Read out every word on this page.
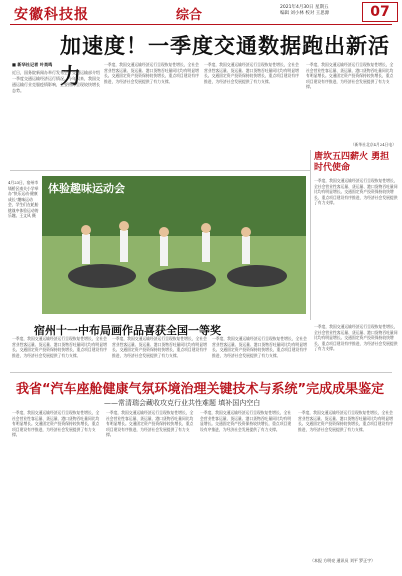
安徽科技报	综合
2021年4月30日 星期五
编辑 刘小林 校对 王思源	07
加速度！一季度交通数据跑出新活力
■ 新华社记者 叶昊鸣
近日，国务院新闻办举行发布会，交通运输部介绍一季度交通运输经济运行情况。今年以来，我国交通运输行业克服疫情影响，主要指标呈现较快增长态势。
一季度，我国交通运输经济运行呈现恢复性增长，全社会营业性客运量、货运量、港口货物吞吐量同比均有明显增长。交通固定资产投资保持较快增长，重点项目建设有序推进，为经济社会发展提供了有力支撑。
一季度，我国交通运输经济运行呈现恢复性增长，全社会营业性客运量、货运量、港口货物吞吐量同比均有明显增长。交通固定资产投资保持较快增长，重点项目建设有序推进，为经济社会发展提供了有力支撑。
一季度，我国交通运输经济运行呈现恢复性增长，全社会营业性客运量、货运量、港口货物吞吐量同比均有明显增长。交通固定资产投资保持较快增长，重点项目建设有序推进，为经济社会发展提供了有力支撑。
（新华社北京4月24日电）
4月23日，宿州市埇桥区南关小学举办“快乐运动·健康成长”趣味运动会，学生们在轮胎挑战中体验运动的乐趣。王文风 摄
体验趣味运动会
唐坎五四薪火 勇担时代使命
一季度，我国交通运输经济运行呈现恢复性增长，全社会营业性客运量、货运量、港口货物吞吐量同比均有明显增长。交通固定资产投资保持较快增长，重点项目建设有序推进，为经济社会发展提供了有力支撑。
宿州十一中布局画作品喜获全国一等奖
一季度，我国交通运输经济运行呈现恢复性增长，全社会营业性客运量、货运量、港口货物吞吐量同比均有明显增长。交通固定资产投资保持较快增长，重点项目建设有序推进，为经济社会发展提供了有力支撑。
一季度，我国交通运输经济运行呈现恢复性增长，全社会营业性客运量、货运量、港口货物吞吐量同比均有明显增长。交通固定资产投资保持较快增长，重点项目建设有序推进，为经济社会发展提供了有力支撑。
一季度，我国交通运输经济运行呈现恢复性增长，全社会营业性客运量、货运量、港口货物吞吐量同比均有明显增长。交通固定资产投资保持较快增长，重点项目建设有序推进，为经济社会发展提供了有力支撑。
一季度，我国交通运输经济运行呈现恢复性增长，全社会营业性客运量、货运量、港口货物吞吐量同比均有明显增长。交通固定资产投资保持较快增长，重点项目建设有序推进，为经济社会发展提供了有力支撑。
我省“汽车座舱健康气氛环境治理关键技术与系统”完成成果鉴定
——常清瑞会藏收攻克行业共性难题 填补国内空白
一季度，我国交通运输经济运行呈现恢复性增长，全社会营业性客运量、货运量、港口货物吞吐量同比均有明显增长。交通固定资产投资保持较快增长，重点项目建设有序推进，为经济社会发展提供了有力支撑。
一季度，我国交通运输经济运行呈现恢复性增长，全社会营业性客运量、货运量、港口货物吞吐量同比均有明显增长。交通固定资产投资保持较快增长，重点项目建设有序推进，为经济社会发展提供了有力支撑。
一季度，我国交通运输经济运行呈现恢复性增长，全社会营业性客运量、货运量、港口货物吞吐量同比均有明显增长。交通固定资产投资保持较快增长，重点项目建设有序推进，为经济社会发展提供了有力支撑。
一季度，我国交通运输经济运行呈现恢复性增长，全社会营业性客运量、货运量、港口货物吞吐量同比均有明显增长。交通固定资产投资保持较快增长，重点项目建设有序推进，为经济社会发展提供了有力支撑。
（本报 方明亮 通讯员 刘平 罗正宇）
